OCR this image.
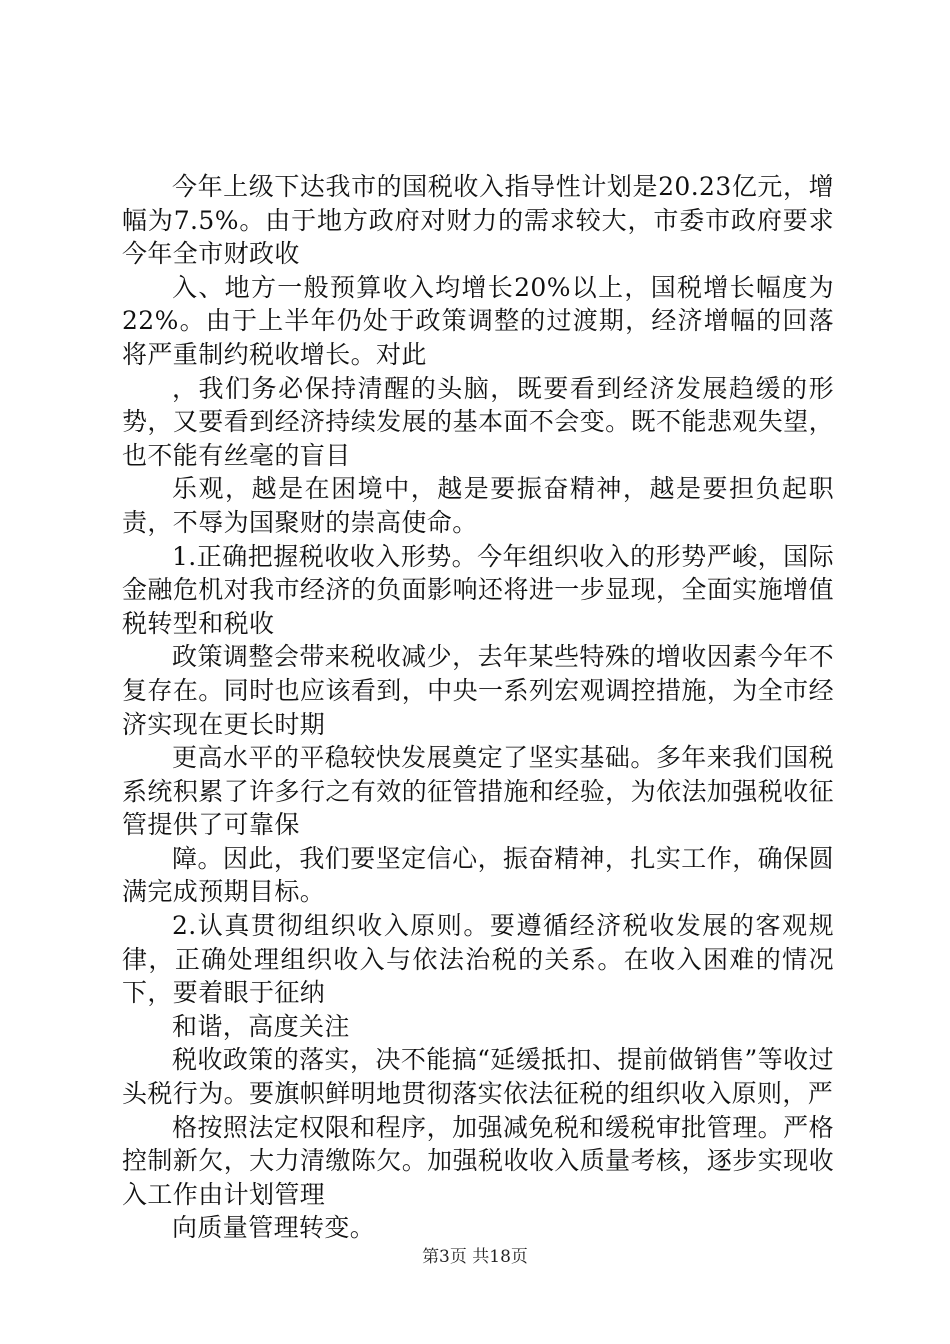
今年上级下达我市的国税收入指导性计划是20.23亿元，增幅为7.5%。由于地方政府对财力的需求较大，市委市政府要求今年全市财政收

入、地方一般预算收入均增长20%以上，国税增长幅度为22%。由于上半年仍处于政策调整的过渡期，经济增幅的回落将严重制约税收增长。对此

，我们务必保持清醒的头脑，既要看到经济发展趋缓的形势，又要看到经济持续发展的基本面不会变。既不能悲观失望，也不能有丝毫的盲目

乐观，越是在困境中，越是要振奋精神，越是要担负起职责，不辱为国聚财的崇高使命。

1.正确把握税收收入形势。今年组织收入的形势严峻，国际金融危机对我市经济的负面影响还将进一步显现，全面实施增值税转型和税收

政策调整会带来税收减少，去年某些特殊的增收因素今年不复存在。同时也应该看到，中央一系列宏观调控措施，为全市经济实现在更长时期

更高水平的平稳较快发展奠定了坚实基础。多年来我们国税系统积累了许多行之有效的征管措施和经验，为依法加强税收征管提供了可靠保

障。因此，我们要坚定信心，振奋精神，扎实工作，确保圆满完成预期目标。

2.认真贯彻组织收入原则。要遵循经济税收发展的客观规律，正确处理组织收入与依法治税的关系。在收入困难的情况下，要着眼于征纳

和谐，高度关注

税收政策的落实，决不能搞“延缓抵扣、提前做销售”等收过头税行为。要旗帜鲜明地贯彻落实依法征税的组织收入原则，严

格按照法定权限和程序，加强减免税和缓税审批管理。严格控制新欠，大力清缴陈欠。加强税收收入质量考核，逐步实现收入工作由计划管理

向质量管理转变。

第3页 共18页
